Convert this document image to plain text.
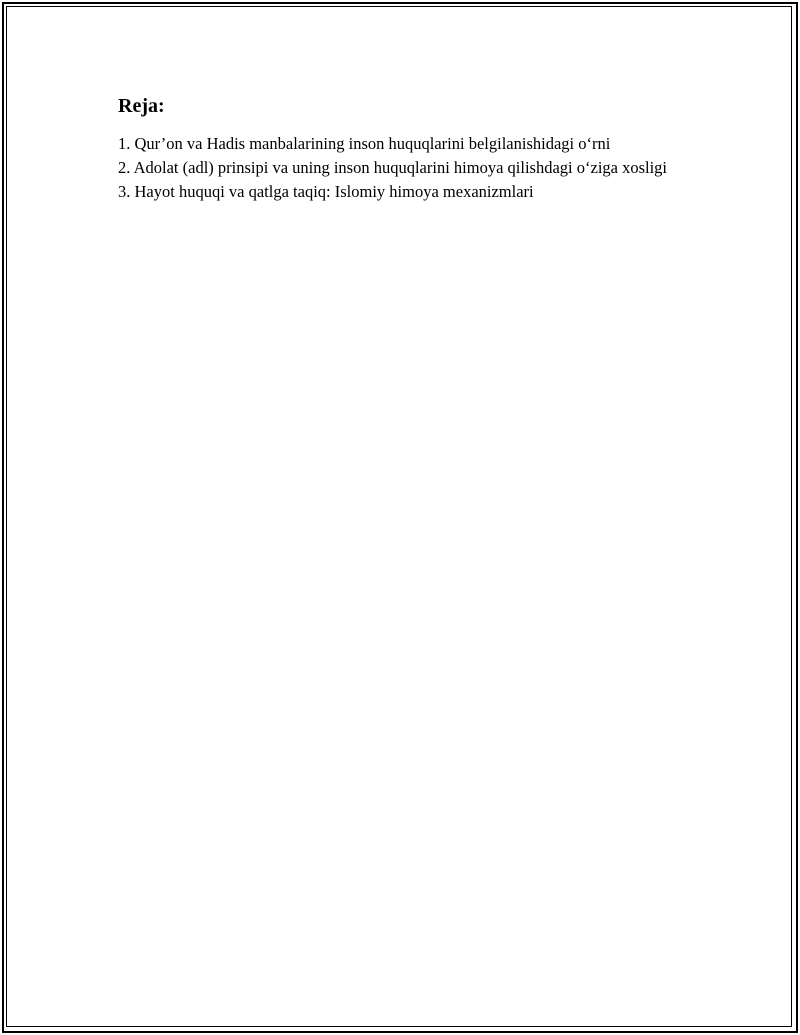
Reja:
1. Qur’on va Hadis manbalarining inson huquqlarini belgilanishidagi o‘rni
2. Adolat (adl) prinsipi va uning inson huquqlarini himoya qilishdagi o‘ziga xosligi
3. Hayot huquqi va qatlga taqiq: Islomiy himoya mexanizmlari
